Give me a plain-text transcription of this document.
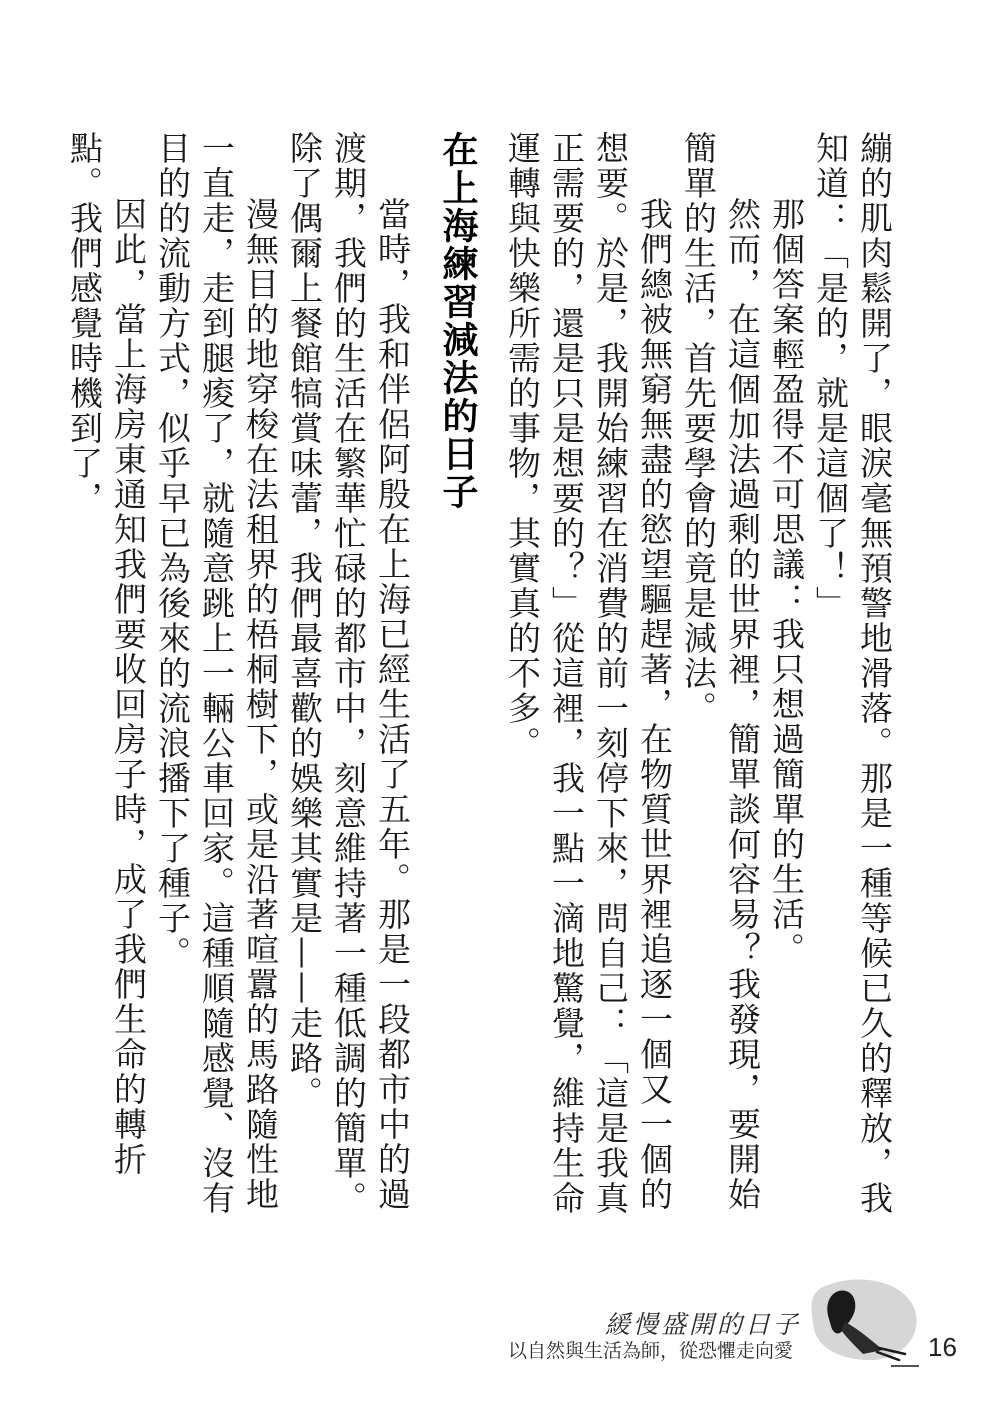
繃的肌肉鬆開了，眼淚毫無預警地滑落。那是一種等候已久的釋放，我知道：「是的，就是這個了！」

那個答案輕盈得不可思議：我只想過簡單的生活。

然而，在這個加法過剩的世界裡，簡單談何容易？我發現，要開始簡單的生活，首先要學會的竟是減法。

我們總被無窮無盡的慾望驅趕著，在物質世界裡追逐一個又一個的想要。於是，我開始練習在消費的前一刻停下來，問自己：「這是我真正需要的，還是只是想要的？」從這裡，我一點一滴地驚覺，維持生命運轉與快樂所需的事物，其實真的不多。

在上海練習減法的日子

當時，我和伴侶阿殷在上海已經生活了五年。那是一段都市中的過渡期，我們的生活在繁華忙碌的都市中，刻意維持著一種低調的簡單。除了偶爾上餐館犒賞味蕾，我們最喜歡的娛樂其實是——走路。

漫無目的地穿梭在法租界的梧桐樹下，或是沿著喧囂的馬路隨性地一直走，走到腿痠了，就隨意跳上一輛公車回家。這種順隨感覺、沒有目的的流動方式，似乎早已為後來的流浪播下了種子。

因此，當上海房東通知我們要收回房子時，成了我們生命的轉折點。我們感覺時機到了，

緩慢盛開的日子
以自然與生活為師，從恐懼走向愛	16
